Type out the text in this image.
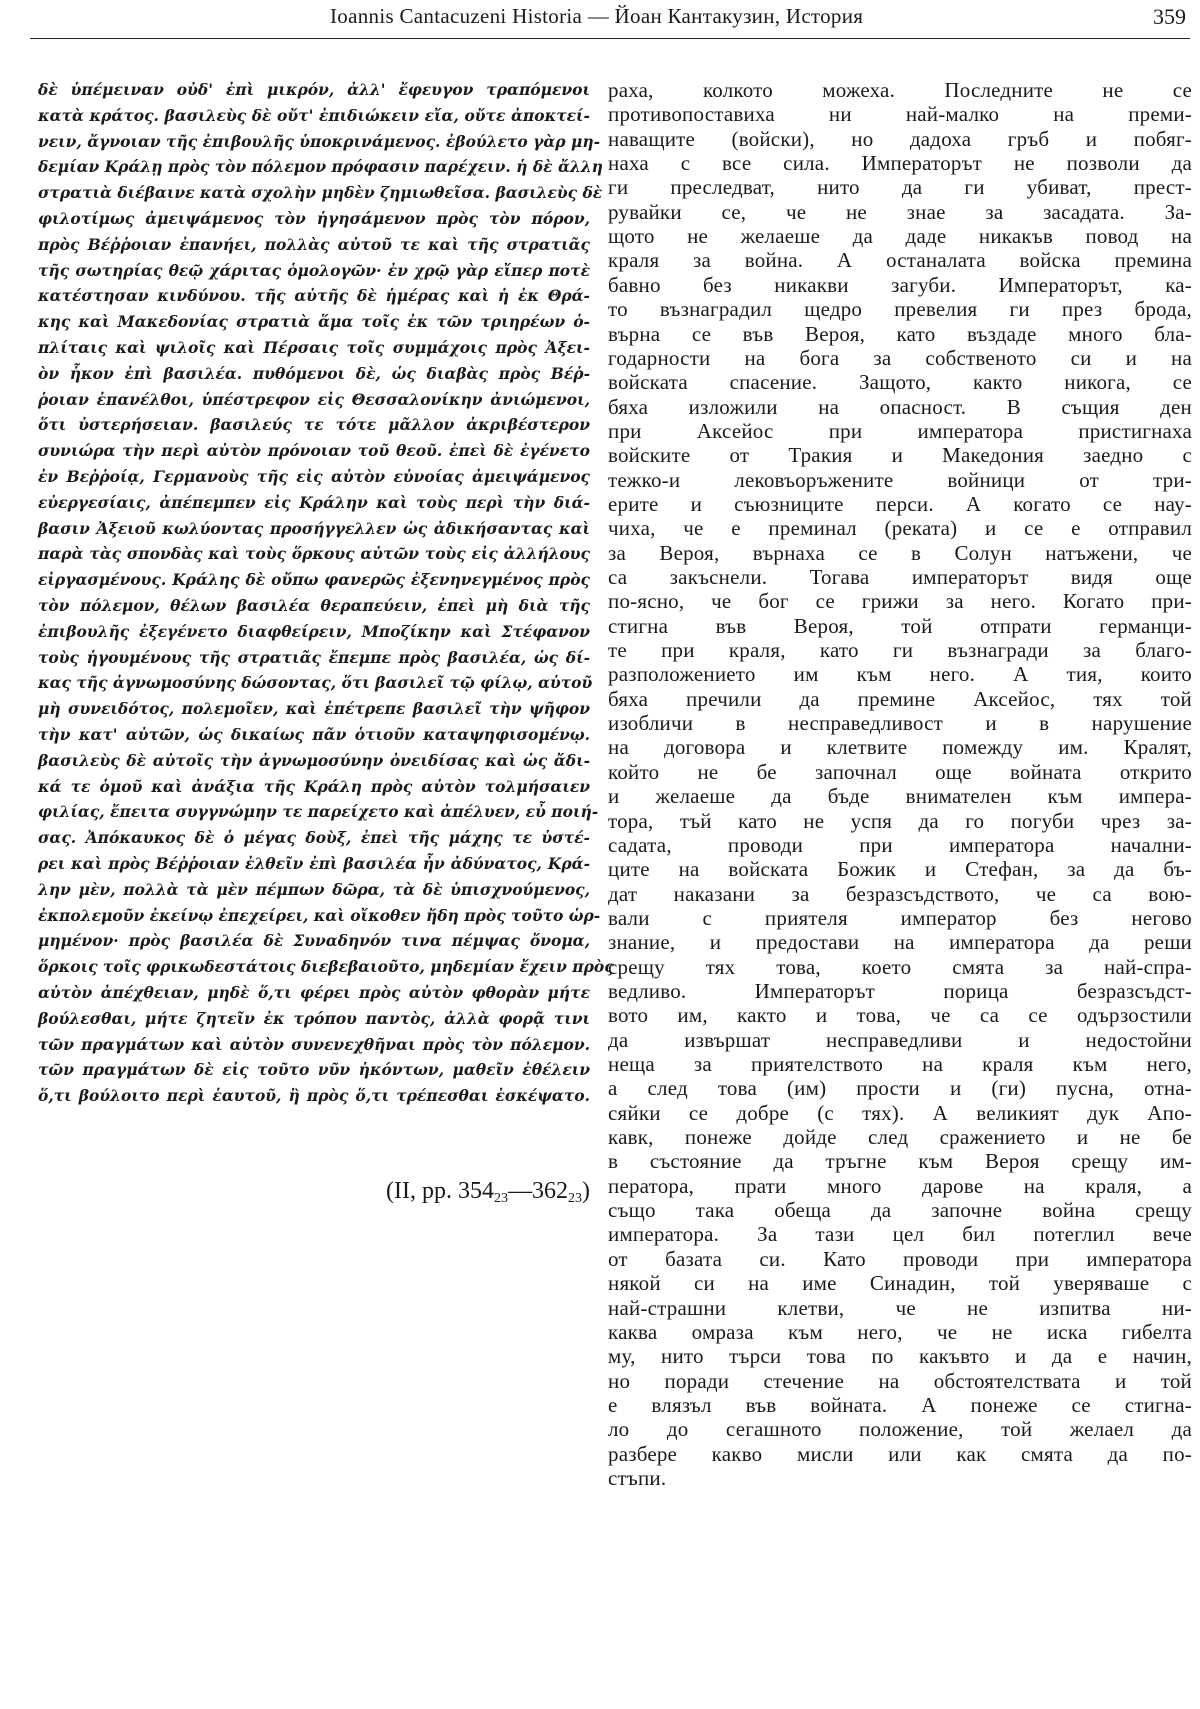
Ioannis Cantacuzeni Historia — Йоан Кантакузин, История	359
δὲ ὑπέμειναν οὐδ' ἐπὶ μικρόν, ἀλλ' ἔφευγον τραπόμενοι
κατὰ κράτος. βασιλεὺς δὲ οὔτ' ἐπιδιώκειν εἴα, οὔτε ἀποκτεί-
νειν, ἄγνοιαν τῆς ἐπιβουλῆς ὑποκρινάμενος. ἐβούλετο γὰρ μη-
δεμίαν Κράλῃ πρὸς τὸν πόλεμον πρόφασιν παρέχειν. ἡ δὲ ἄλλη
στρατιὰ διέβαινε κατὰ σχολὴν μηδὲν ζημιωθεῖσα. βασιλεὺς δὲ
φιλοτίμως ἀμειψάμενος τὸν ἡγησάμενον πρὸς τὸν πόρον,
πρὸς Βέῤῥοιαν ἐπανήει, πολλὰς αὐτοῦ τε καὶ τῆς στρατιᾶς
τῆς σωτηρίας θεῷ χάριτας ὁμολογῶν· ἐν χρῷ γὰρ εἴπερ ποτὲ
κατέστησαν κινδύνου. τῆς αὐτῆς δὲ ἡμέρας καὶ ἡ ἐκ Θρά-
κης καὶ Μακεδονίας στρατιὰ ἅμα τοῖς ἐκ τῶν τριηρέων ὁ-
πλίταις καὶ ψιλοῖς καὶ Πέρσαις τοῖς συμμάχοις πρὸς Ἀξει-
ὸν ἧκον ἐπὶ βασιλέα. πυθόμενοι δὲ, ὡς διαβὰς πρὸς Βέῤ-
ῥοιαν ἐπανέλθοι, ὑπέστρεφον εἰς Θεσσαλονίκην ἀνιώμενοι,
ὅτι ὑστερήσειαν. βασιλεύς τε τότε μᾶλλον ἀκριβέστερον
συνιώρα τὴν περὶ αὐτὸν πρόνοιαν τοῦ θεοῦ. ἐπεὶ δὲ ἐγένετο
ἐν Βεῤῥοίᾳ, Γερμανοὺς τῆς εἰς αὐτὸν εὐνοίας ἀμειψάμενος
εὐεργεσίαις, ἀπέπεμπεν εἰς Κράλην καὶ τοὺς περὶ τὴν διά-
βασιν Ἀξειοῦ κωλύοντας προσήγγελλεν ὡς ἀδικήσαντας καὶ
παρὰ τὰς σπονδὰς καὶ τοὺς ὅρκους αὐτῶν τοὺς εἰς ἀλλήλους
εἰργασμένους. Κράλης δὲ οὔπω φανερῶς ἐξενηνεγμένος πρὸς
τὸν πόλεμον, θέλων βασιλέα θεραπεύειν, ἐπεὶ μὴ διὰ τῆς
ἐπιβουλῆς ἐξεγένετο διαφθείρειν, Μποζίκην καὶ Στέφανον
τοὺς ἡγουμένους τῆς στρατιᾶς ἔπεμπε πρὸς βασιλέα, ὡς δί-
κας τῆς ἀγνωμοσύνης δώσοντας, ὅτι βασιλεῖ τῷ φίλῳ, αὐτοῦ
μὴ συνειδότος, πολεμοῖεν, καὶ ἐπέτρεπε βασιλεῖ τὴν ψῆφον
τὴν κατ' αὐτῶν, ὡς δικαίως πᾶν ὁτιοῦν καταψηφισομένῳ.
βασιλεὺς δὲ αὐτοῖς τὴν ἀγνωμοσύνην ὀνειδίσας καὶ ὡς ἄδι-
κά τε ὁμοῦ καὶ ἀνάξια τῆς Κράλη πρὸς αὐτὸν τολμήσαιεν
φιλίας, ἔπειτα συγγνώμην τε παρείχετο καὶ ἀπέλυεν, εὖ ποιή-
σας. Ἀπόκαυκος δὲ ὁ μέγας δοὺξ, ἐπεὶ τῆς μάχης τε ὑστέ-
ρει καὶ πρὸς Βέῤῥοιαν ἐλθεῖν ἐπὶ βασιλέα ἦν ἀδύνατος, Κρά-
λην μὲν, πολλὰ τὰ μὲν πέμπων δῶρα, τὰ δὲ ὑπισχνούμενος,
ἐκπολεμοῦν ἐκείνῳ ἐπεχείρει, καὶ οἴκοθεν ἤδη πρὸς τοῦτο ὡρ-
μημένον· πρὸς βασιλέα δὲ Συναδηνόν τινα πέμψας ὄνομα,
ὅρκοις τοῖς φρικωδεστάτοις διεβεβαιοῦτο, μηδεμίαν ἔχειν πρὸς
αὐτὸν ἀπέχθειαν, μηδὲ ὅ,τι φέρει πρὸς αὐτὸν φθορὰν μήτε
βούλεσθαι, μήτε ζητεῖν ἐκ τρόπου παντὸς, ἀλλὰ φορᾷ τινι
τῶν πραγμάτων καὶ αὐτὸν συνενεχθῆναι πρὸς τὸν πόλεμον.
τῶν πραγμάτων δὲ εἰς τοῦτο νῦν ἡκόντων, μαθεῖν ἐθέλειν
ὅ,τι βούλοιτο περὶ ἑαυτοῦ, ἢ πρὸς ὅ,τι τρέπεσθαι ἐσκέψατο.
(II, pp. $354_{23}—362_{23}$)
раха, колкото можеха. Последните не се
противопоставиха ни най-малко на преми-
наващите (войски), но дадоха гръб и побяг-
наха с все сила. Императорът не позволи да
ги преследват, нито да ги убиват, прест-
рувайки се, че не знае за засадата. За-
щото не желаеше да даде никакъв повод на
краля за война. А останалата войска премина
бавно без никакви загуби. Императорът, ка-
то възнаградил щедро превелия ги през брода,
върна се във Вероя, като въздаде много бла-
годарности на бога за собственото си и на
войската спасение. Защото, както никога, се
бяха изложили на опасност. В същия ден
при Аксейос при императора пристигнаха
войските от Тракия и Македония заедно с
тежко-и лековъоръжените войници от три-
ерите и съюзниците перси. А когато се нау-
чиха, че е преминал (реката) и се е отправил
за Вероя, върнаха се в Солун натъжени, че
са закъснели. Тогава императорът видя още
по-ясно, че бог се грижи за него. Когато при-
стигна във Вероя, той отпрати германци-
те при краля, като ги възнагради за благо-
разположението им към него. А тия, които
бяха пречили да премине Аксейос, тях той
изобличи в несправедливост и в нарушение
на договора и клетвите помежду им. Кралят,
който не бе започнал още войната открито
и желаеше да бъде внимателен към импера-
тора, тъй като не успя да го погуби чрез за-
садата, проводи при императора начални-
ците на войската Божик и Стефан, за да бъ-
дат наказани за безразсъдството, че са вою-
вали с приятеля император без негово
знание, и предостави на императора да реши
срещу тях това, което смята за най-спра-
ведливо. Императорът порица безразсъдст-
вото им, както и това, че са се одързостили
да извършат несправедливи и недостойни
неща за приятелството на краля към него,
а след това (им) прости и (ги) пусна, отна-
сяйки се добре (с тях). А великият дук Апо-
кавк, понеже дойде след сражението и не бе
в състояние да тръгне към Вероя срещу им-
ператора, прати много дарове на краля, а
също така обеща да започне война срещу
императора. За тази цел бил потеглил вече
от базата си. Като проводи при императора
някой си на име Синадин, той уверяваше с
най-страшни клетви, че не изпитва ни-
каква омраза към него, че не иска гибелта
му, нито търси това по какъвто и да е начин,
но поради стечение на обстоятелствата и той
е влязъл във войната. А понеже се стигна-
ло до сегашното положение, той желаел да
разбере какво мисли или как смята да по-
стъпи.
